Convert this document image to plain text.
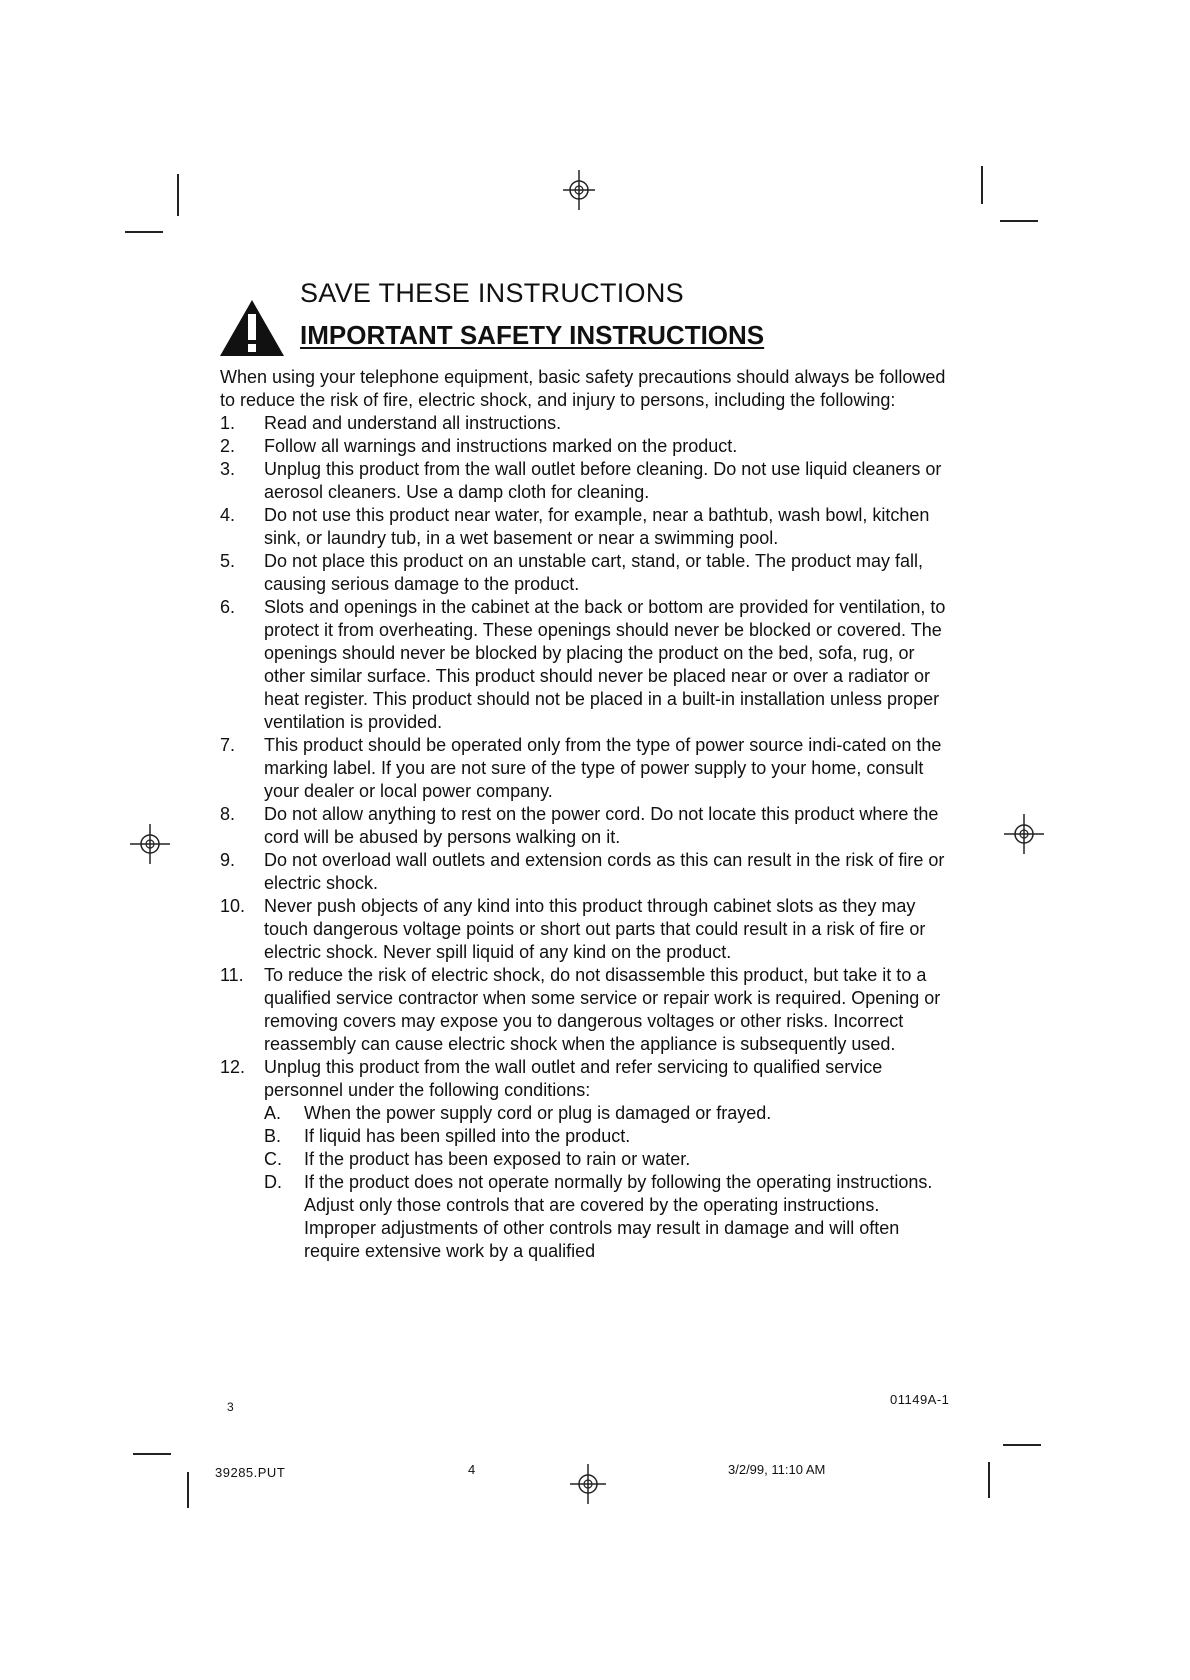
SAVE THESE INSTRUCTIONS
IMPORTANT SAFETY INSTRUCTIONS

When using your telephone equipment, basic safety precautions should always be followed to reduce the risk of fire, electric shock, and injury to persons, including the following:

1.	Read and understand all instructions.
2.	Follow all warnings and instructions marked on the product.
3.	Unplug this product from the wall outlet before cleaning. Do not use liquid cleaners or aerosol cleaners. Use a damp cloth for cleaning.
4.	Do not use this product near water, for example, near a bathtub, wash bowl, kitchen sink, or laundry tub, in a wet basement or near a swimming pool.
5.	Do not place this product on an unstable cart, stand, or table. The product may fall, causing serious damage to the product.
6.	Slots and openings in the cabinet at the back or bottom are provided for ventilation, to protect it from overheating. These openings should never be blocked or covered. The openings should never be blocked by placing the product on the bed, sofa, rug, or other similar surface. This product should never be placed near or over a radiator or heat register. This product should not be placed in a built-in installation unless proper ventilation is provided.
7.	This product should be operated only from the type of power source indi-cated on the marking label. If you are not sure of the type of power supply to your home, consult your dealer or local power company.
8.	Do not allow anything to rest on the power cord. Do not locate this product where the cord will be abused by persons walking on it.
9.	Do not overload wall outlets and extension cords as this can result in the risk of fire or electric shock.
10.	Never push objects of any kind into this product through cabinet slots as they may touch dangerous voltage points or short out parts that could result in a risk of fire or electric shock. Never spill liquid of any kind on the product.
11.	To reduce the risk of electric shock, do not disassemble this product, but take it to a qualified service contractor when some service or repair work is required. Opening or removing covers may expose you to dangerous voltages or other risks. Incorrect reassembly can cause electric shock when the appliance is subsequently used.
12.	Unplug this product from the wall outlet and refer servicing to qualified service personnel under the following conditions:
A.	When the power supply cord or plug is damaged or frayed.
B.	If liquid has been spilled into the product.
C.	If the product has been exposed to rain or water.
D.	If the product does not operate normally by following the operating instructions. Adjust only those controls that are covered by the operating instructions. Improper adjustments of other controls may result in damage and will often require extensive work by a qualified
01149A-1
3
39285.PUT	4	3/2/99, 11:10 AM
